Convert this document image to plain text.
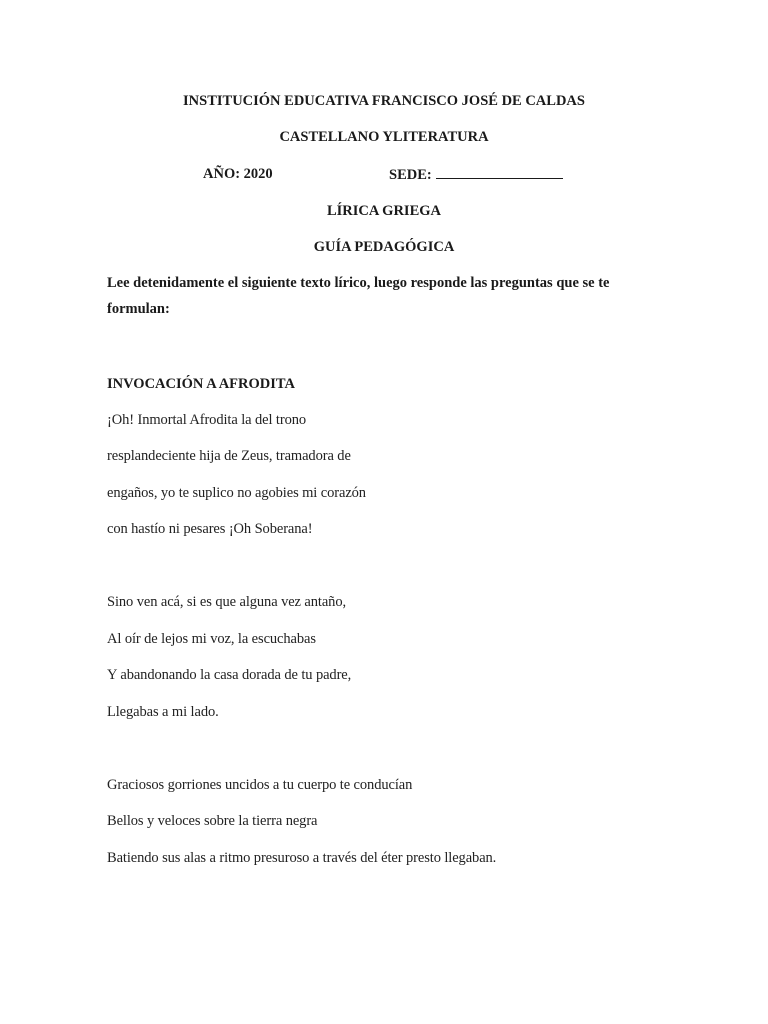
INSTITUCIÓN EDUCATIVA FRANCISCO JOSÉ DE CALDAS
CASTELLANO YLITERATURA
AÑO: 2020	SEDE:
LÍRICA GRIEGA
GUÍA PEDAGÓGICA
Lee detenidamente el siguiente texto lírico, luego responde las preguntas que se te formulan:
INVOCACIÓN A AFRODITA
¡Oh! Inmortal Afrodita la del trono
resplandeciente hija de Zeus, tramadora de
engaños, yo te suplico no agobies mi corazón
con hastío ni pesares ¡Oh Soberana!
Sino ven acá, si es que alguna vez antaño,
Al oír de lejos mi voz, la escuchabas
Y abandonando la casa dorada de tu padre,
Llegabas a mi lado.
Graciosos gorriones uncidos a tu cuerpo te conducían
Bellos y veloces sobre la tierra negra
Batiendo sus alas a ritmo presuroso a través del éter presto llegaban.
